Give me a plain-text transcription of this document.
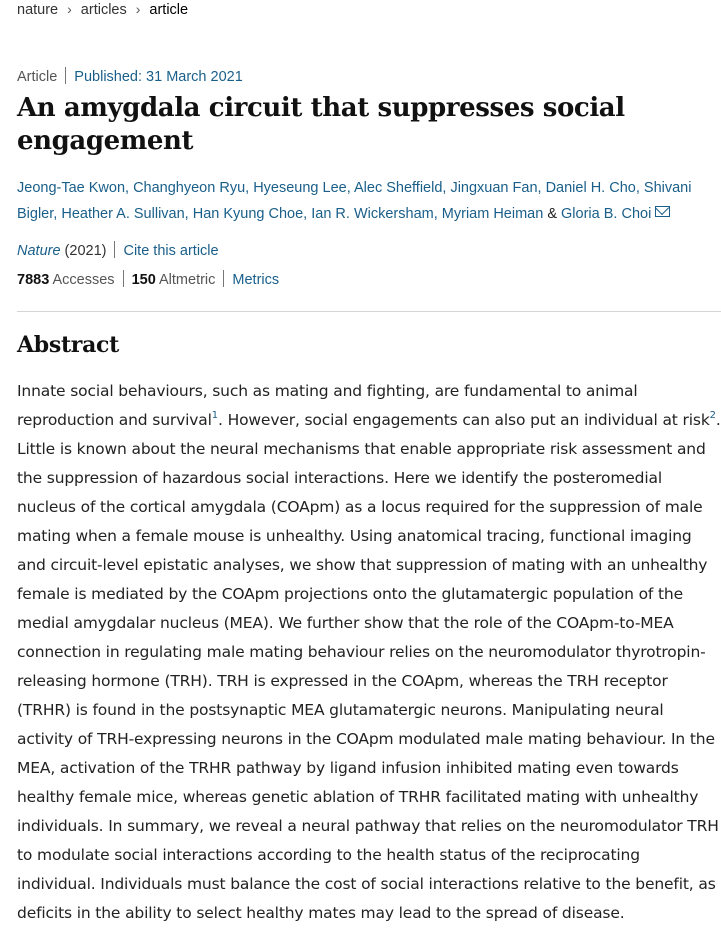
nature › articles › article
Article Published: 31 March 2021
An amygdala circuit that suppresses social engagement
Jeong-Tae Kwon, Changhyeon Ryu, Hyeseung Lee, Alec Sheffield, Jingxuan Fan, Daniel H. Cho, Shivani Bigler, Heather A. Sullivan, Han Kyung Choe, Ian R. Wickersham, Myriam Heiman & Gloria B. Choi
Nature (2021) Cite this article
7883 Accesses 150 Altmetric Metrics
Abstract

Innate social behaviours, such as mating and fighting, are fundamental to animal reproduction and survival$^1$. However, social engagements can also put an individual at risk$^2$. Little is known about the neural mechanisms that enable appropriate risk assessment and the suppression of hazardous social interactions. Here we identify the posteromedial nucleus of the cortical amygdala (COApm) as a locus required for the suppression of male mating when a female mouse is unhealthy. Using anatomical tracing, functional imaging and circuit-level epistatic analyses, we show that suppression of mating with an unhealthy female is mediated by the COApm projections onto the glutamatergic population of the medial amygdalar nucleus (MEA). We further show that the role of the COApm-to-MEA connection in regulating male mating behaviour relies on the neuromodulator thyrotropin-releasing hormone (TRH). TRH is expressed in the COApm, whereas the TRH receptor (TRHR) is found in the postsynaptic MEA glutamatergic neurons. Manipulating neural activity of TRH-expressing neurons in the COApm modulated male mating behaviour. In the MEA, activation of the TRHR pathway by ligand infusion inhibited mating even towards healthy female mice, whereas genetic ablation of TRHR facilitated mating with unhealthy individuals. In summary, we reveal a neural pathway that relies on the neuromodulator TRH to modulate social interactions according to the health status of the reciprocating individual. Individuals must balance the cost of social interactions relative to the benefit, as deficits in the ability to select healthy mates may lead to the spread of disease.
